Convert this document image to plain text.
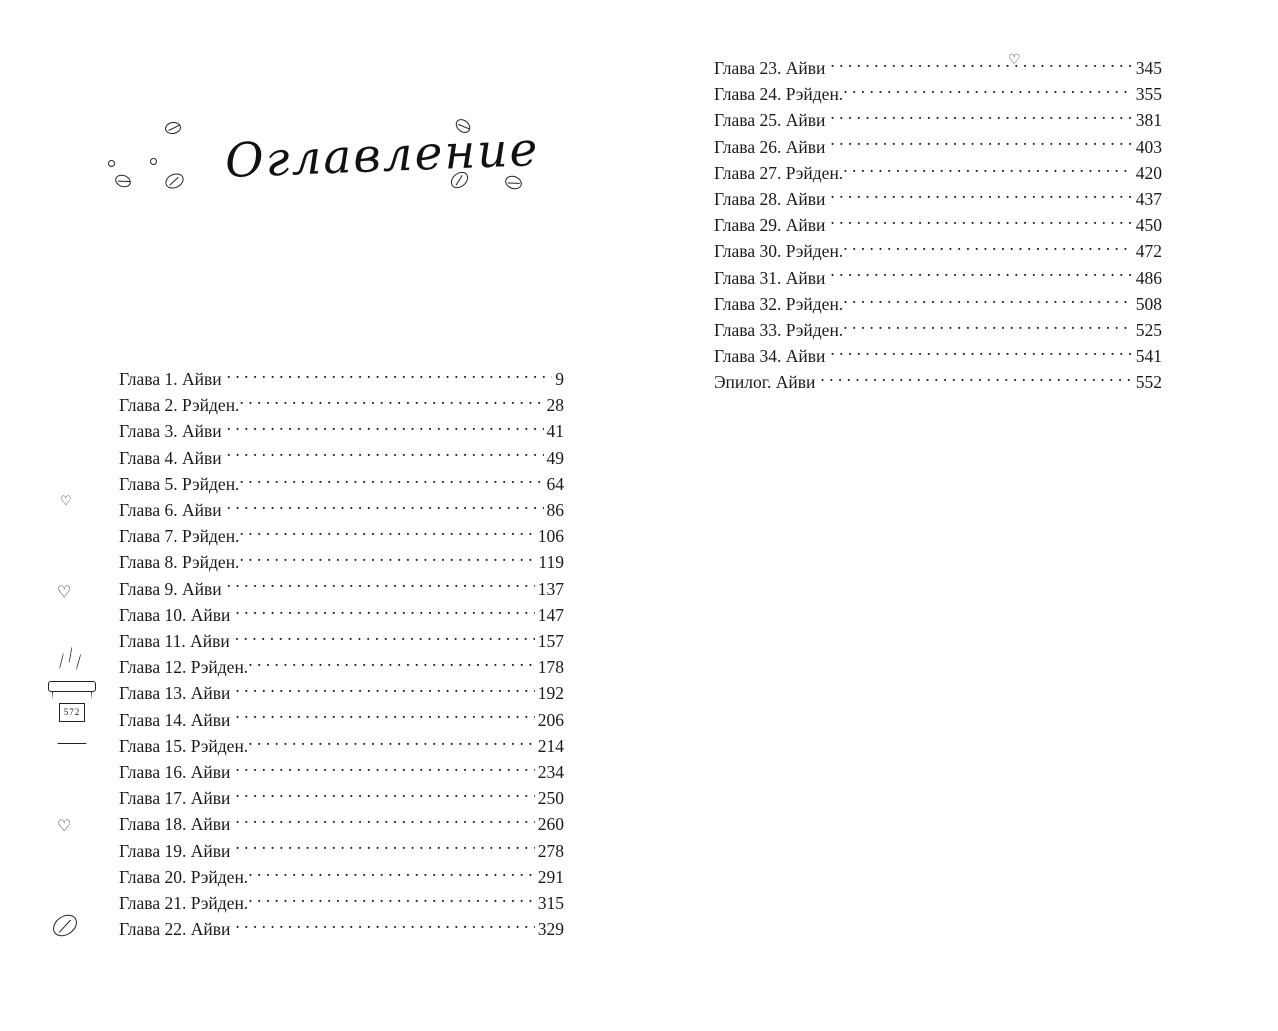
Оглавление
Глава 1. Айви . . .	9
Глава 2. Рэйден. . . .	28
Глава 3. Айви . . .	41
Глава 4. Айви . . .	49
Глава 5. Рэйден. . . .	64
Глава 6. Айви . . .	86
Глава 7. Рэйден. . . .	106
Глава 8. Рэйден. . . .	119
Глава 9. Айви . . .	137
Глава 10. Айви . . .	147
Глава 11. Айви . . .	157
Глава 12. Рэйден. . . .	178
Глава 13. Айви . . .	192
Глава 14. Айви . . .	206
Глава 15. Рэйден. . . .	214
Глава 16. Айви . . .	234
Глава 17. Айви . . .	250
Глава 18. Айви . . .	260
Глава 19. Айви . . .	278
Глава 20. Рэйден. . . .	291
Глава 21. Рэйден. . . .	315
Глава 22. Айви . . .	329
Глава 23. Айви . . .	345
Глава 24. Рэйден. . . .	355
Глава 25. Айви . . .	381
Глава 26. Айви . . .	403
Глава 27. Рэйден. . . .	420
Глава 28. Айви . . .	437
Глава 29. Айви . . .	450
Глава 30. Рэйден. . . .	472
Глава 31. Айви . . .	486
Глава 32. Рэйден. . . .	508
Глава 33. Рэйден. . . .	525
Глава 34. Айви . . .	541
Эпилог. Айви . . .	552
♡
♡
♡
572
♡
